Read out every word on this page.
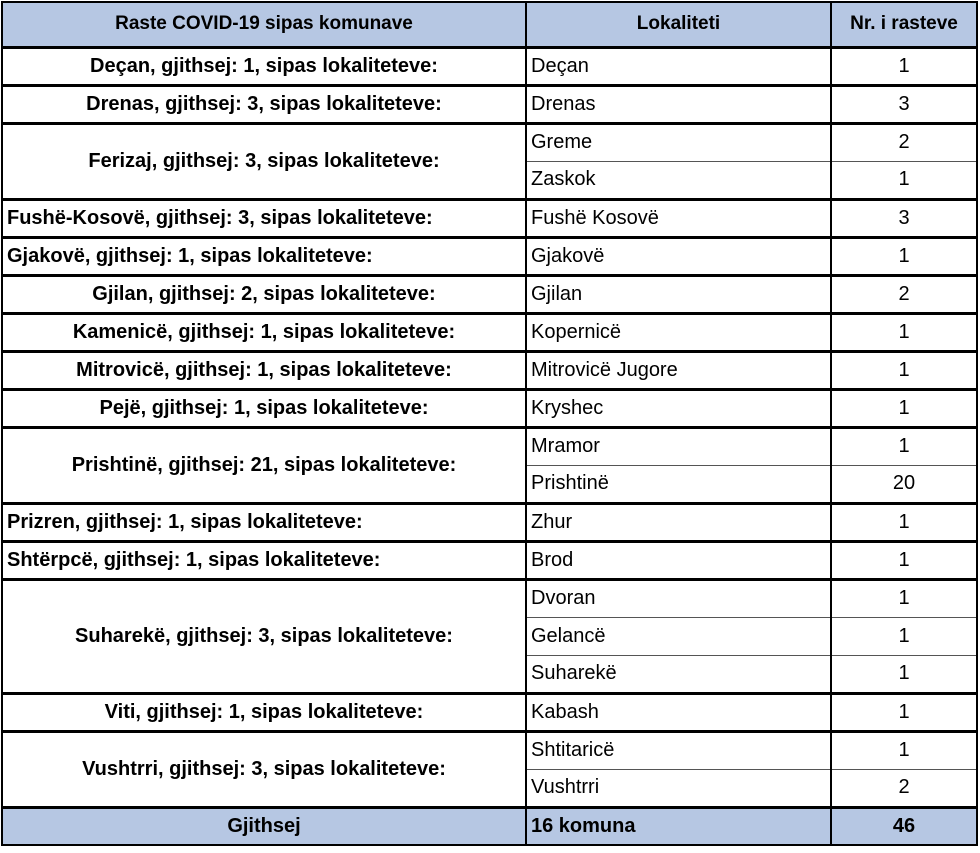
Raste COVID-19 sipas komunave	Lokaliteti	Nr. i rasteve
Deçan, gjithsej: 1, sipas lokaliteteve:	Deçan	1
Drenas, gjithsej: 3, sipas lokaliteteve:	Drenas	3
Ferizaj, gjithsej: 3, sipas lokaliteteve:	Greme	2
	Zaskok	1
Fushë-Kosovë, gjithsej: 3, sipas lokaliteteve:	Fushë Kosovë	3
Gjakovë, gjithsej: 1, sipas lokaliteteve:	Gjakovë	1
Gjilan, gjithsej: 2, sipas lokaliteteve:	Gjilan	2
Kamenicë, gjithsej: 1, sipas lokaliteteve:	Kopernicë	1
Mitrovicë, gjithsej: 1, sipas lokaliteteve:	Mitrovicë Jugore	1
Pejë, gjithsej: 1, sipas lokaliteteve:	Kryshec	1
Prishtinë, gjithsej: 21, sipas lokaliteteve:	Mramor	1
	Prishtinë	20
Prizren, gjithsej: 1, sipas lokaliteteve:	Zhur	1
Shtërpcë, gjithsej: 1, sipas lokaliteteve:	Brod	1
Suharekë, gjithsej: 3, sipas lokaliteteve:	Dvoran	1
	Gelancë	1
	Suharekë	1
Viti, gjithsej: 1, sipas lokaliteteve:	Kabash	1
Vushtrri, gjithsej: 3, sipas lokaliteteve:	Shtitaricë	1
	Vushtrri	2
Gjithsej	16 komuna	46
